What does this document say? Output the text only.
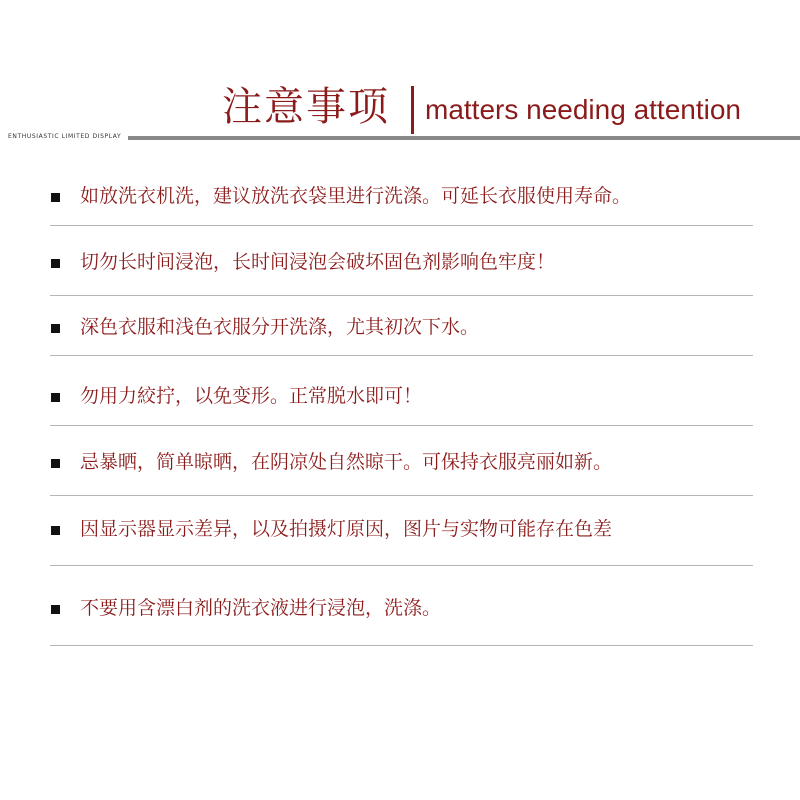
注意事项 matters needing attention
ENTHUSIASTIC LIMITED DISPLAY
如放洗衣机洗，建议放洗衣袋里进行洗涤。可延长衣服使用寿命。
切勿长时间浸泡，长时间浸泡会破坏固色剂影响色牢度！
深色衣服和浅色衣服分开洗涤，尤其初次下水。
勿用力絞拧，以免变形。正常脱水即可！
忌暴晒，简单晾晒，在阴凉处自然晾干。可保持衣服亮丽如新。
因显示器显示差异，以及拍摄灯原因，图片与实物可能存在色差
不要用含漂白剂的洗衣液进行浸泡，洗涤。
